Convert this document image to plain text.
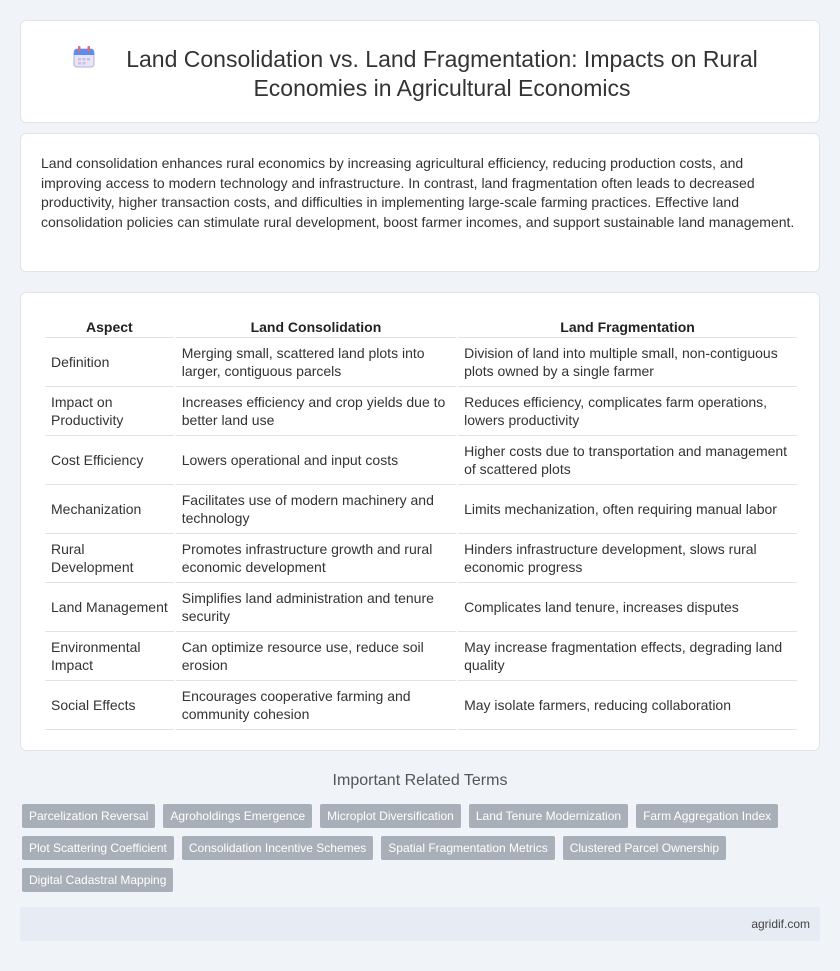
Land Consolidation vs. Land Fragmentation: Impacts on Rural Economies in Agricultural Economics

Land consolidation enhances rural economics by increasing agricultural efficiency, reducing production costs, and improving access to modern technology and infrastructure. In contrast, land fragmentation often leads to decreased productivity, higher transaction costs, and difficulties in implementing large-scale farming practices. Effective land consolidation policies can stimulate rural development, boost farmer incomes, and support sustainable land management.

Aspect	Land Consolidation	Land Fragmentation
Definition	Merging small, scattered land plots into larger, contiguous parcels	Division of land into multiple small, non-contiguous plots owned by a single farmer
Impact on Productivity	Increases efficiency and crop yields due to better land use	Reduces efficiency, complicates farm operations, lowers productivity
Cost Efficiency	Lowers operational and input costs	Higher costs due to transportation and management of scattered plots
Mechanization	Facilitates use of modern machinery and technology	Limits mechanization, often requiring manual labor
Rural Development	Promotes infrastructure growth and rural economic development	Hinders infrastructure development, slows rural economic progress
Land Management	Simplifies land administration and tenure security	Complicates land tenure, increases disputes
Environmental Impact	Can optimize resource use, reduce soil erosion	May increase fragmentation effects, degrading land quality
Social Effects	Encourages cooperative farming and community cohesion	May isolate farmers, reducing collaboration
Important Related Terms
Parcelization Reversal	Agroholdings Emergence	Microplot Diversification	Land Tenure Modernization	Farm Aggregation Index
Plot Scattering Coefficient	Consolidation Incentive Schemes	Spatial Fragmentation Metrics	Clustered Parcel Ownership
Digital Cadastral Mapping
agridif.com
